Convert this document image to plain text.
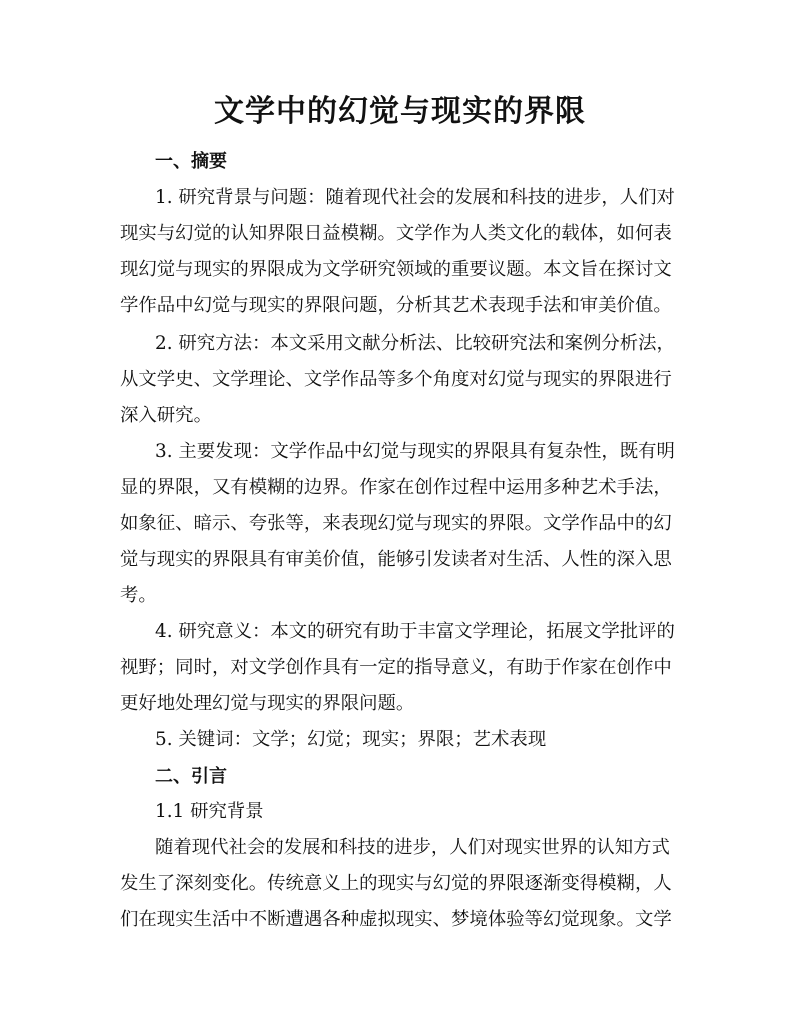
文学中的幻觉与现实的界限
一、摘要
1. 研究背景与问题：随着现代社会的发展和科技的进步，人们对
现实与幻觉的认知界限日益模糊。文学作为人类文化的载体，如何表
现幻觉与现实的界限成为文学研究领域的重要议题。本文旨在探讨文
学作品中幻觉与现实的界限问题，分析其艺术表现手法和审美价值。
2. 研究方法：本文采用文献分析法、比较研究法和案例分析法，
从文学史、文学理论、文学作品等多个角度对幻觉与现实的界限进行
深入研究。
3. 主要发现：文学作品中幻觉与现实的界限具有复杂性，既有明
显的界限，又有模糊的边界。作家在创作过程中运用多种艺术手法，
如象征、暗示、夸张等，来表现幻觉与现实的界限。文学作品中的幻
觉与现实的界限具有审美价值，能够引发读者对生活、人性的深入思
考。
4. 研究意义：本文的研究有助于丰富文学理论，拓展文学批评的
视野；同时，对文学创作具有一定的指导意义，有助于作家在创作中
更好地处理幻觉与现实的界限问题。
5. 关键词：文学；幻觉；现实；界限；艺术表现
二、引言
1.1 研究背景
随着现代社会的发展和科技的进步，人们对现实世界的认知方式
发生了深刻变化。传统意义上的现实与幻觉的界限逐渐变得模糊，人
们在现实生活中不断遭遇各种虚拟现实、梦境体验等幻觉现象。文学
